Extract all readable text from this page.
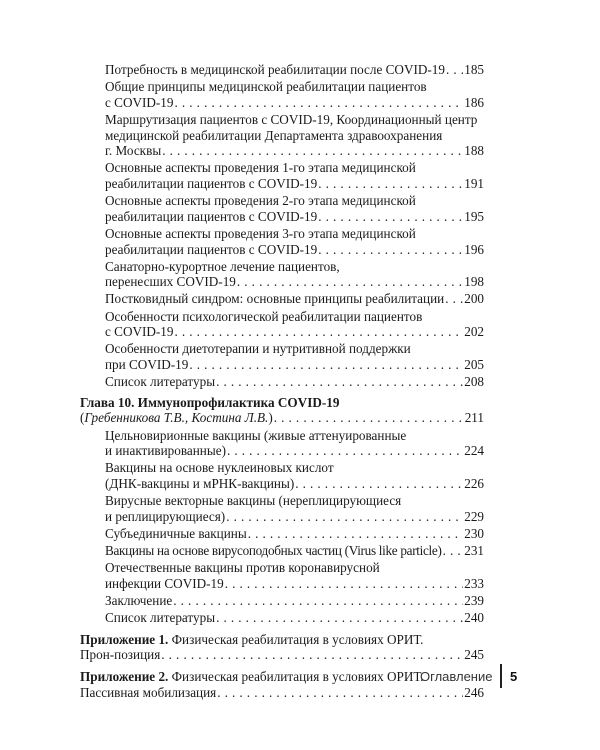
Потребность в медицинской реабилитации после COVID-19 . . . 185
Общие принципы медицинской реабилитации пациентов
с COVID-19 . . .	186
Маршрутизация пациентов с COVID-19, Координационный центр
медицинской реабилитации Департамента здравоохранения
г. Москвы . . .	188
Основные аспекты проведения 1-го этапа медицинской
реабилитации пациентов с COVID-19 . . .	191
Основные аспекты проведения 2-го этапа медицинской
реабилитации пациентов с COVID-19 . . .	195
Основные аспекты проведения 3-го этапа медицинской
реабилитации пациентов с COVID-19 . . .	196
Санаторно-курортное лечение пациентов,
перенесших COVID-19 . . .	198
Постковидный синдром: основные принципы реабилитации . . . 200
Особенности психологической реабилитации пациентов
с COVID-19 . . .	202
Особенности диетотерапии и нутритивной поддержки
при COVID-19 . . .	205
Список литературы . . .	208
Глава 10. Иммунопрофилактика COVID-19
(Гребенникова Т.В., Костина Л.В.) . . .	211
Цельновирионные вакцины (живые аттенуированные
и инактивированные) . . .	224
Вакцины на основе нуклеиновых кислот
(ДНК-вакцины и мРНК-вакцины) . . .	226
Вирусные векторные вакцины (нереплицирующиеся
и реплицирующиеся) . . .	229
Субъединичные вакцины . . .	230
Вакцины на основе вирусоподобных частиц (Virus like particle) . . . 231
Отечественные вакцины против коронавирусной
инфекции COVID-19 . . .	233
Заключение . . .	239
Список литературы . . .	240
Приложение 1. Физическая реабилитация в условиях ОРИТ.
Прон-позиция . . .	245
Приложение 2. Физическая реабилитация в условиях ОРИТ.
Пассивная мобилизация . . .	246
Оглавление 5
